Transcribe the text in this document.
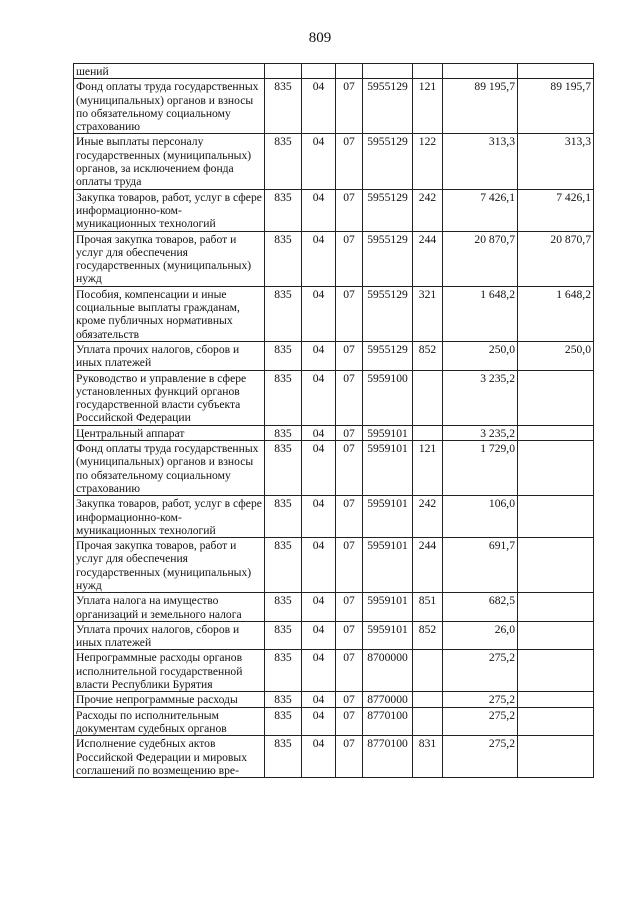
809
шений							
Фонд оплаты труда государственных (муниципальных) органов и взносы по обязательному социальному страхованию	835	04	07	5955129	121	89 195,7	89 195,7
Иные выплаты персоналу государственных (муниципальных) органов, за исключением фонда оплаты труда	835	04	07	5955129	122	313,3	313,3
Закупка товаров, работ, услуг в сфере информационно-ком-муникационных технологий	835	04	07	5955129	242	7 426,1	7 426,1
Прочая закупка товаров, работ и услуг для обеспечения государственных (муниципальных) нужд	835	04	07	5955129	244	20 870,7	20 870,7
Пособия, компенсации и иные социальные выплаты гражданам, кроме публичных нормативных обязательств	835	04	07	5955129	321	1 648,2	1 648,2
Уплата прочих налогов, сборов и иных платежей	835	04	07	5955129	852	250,0	250,0
Руководство и управление в сфере установленных функций органов государственной власти субъекта Российской Федерации	835	04	07	5959100		3 235,2	
Центральный аппарат	835	04	07	5959101		3 235,2	
Фонд оплаты труда государственных (муниципальных) органов и взносы по обязательному социальному страхованию	835	04	07	5959101	121	1 729,0	
Закупка товаров, работ, услуг в сфере информационно-ком-муникационных технологий	835	04	07	5959101	242	106,0	
Прочая закупка товаров, работ и услуг для обеспечения государственных (муниципальных) нужд	835	04	07	5959101	244	691,7	
Уплата налога на имущество организаций и земельного налога	835	04	07	5959101	851	682,5	
Уплата прочих налогов, сборов и иных платежей	835	04	07	5959101	852	26,0	
Непрограммные расходы органов исполнительной государственной власти Республики Бурятия	835	04	07	8700000		275,2	
Прочие непрограммные расходы	835	04	07	8770000		275,2	
Расходы по исполнительным документам судебных органов	835	04	07	8770100		275,2	
Исполнение судебных актов Российской Федерации и мировых соглашений по возмещению вре-	835	04	07	8770100	831	275,2	
